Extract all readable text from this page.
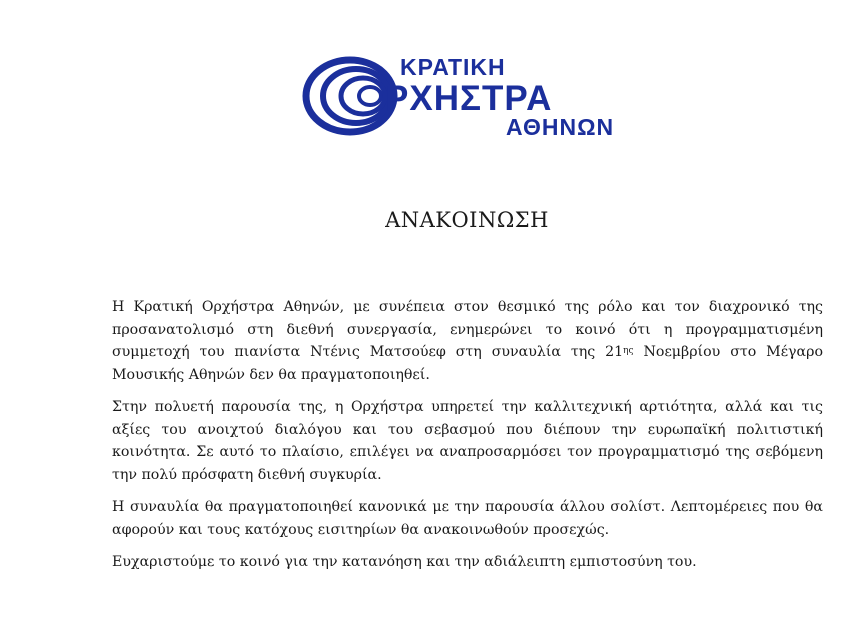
ΚΡΑΤΙΚΗ
ΡΧΗΣΤΡΑ
ΑΘΗΝΩΝ
ΑΝΑΚΟΙΝΩΣΗ

Η Κρατική Ορχήστρα Αθηνών, με συνέπεια στον θεσμικό της ρόλο και τον διαχρονικό της προσανατολισμό στη διεθνή συνεργασία, ενημερώνει το κοινό ότι η προγραμματισμένη συμμετοχή του πιανίστα Ντένις Ματσούεφ στη συναυλία της $21^{\eta\varsigma}$ Νοεμβρίου στο Μέγαρο Μουσικής Αθηνών δεν θα πραγματοποιηθεί.

Στην πολυετή παρουσία της, η Ορχήστρα υπηρετεί την καλλιτεχνική αρτιότητα, αλλά και τις αξίες του ανοιχτού διαλόγου και του σεβασμού που διέπουν την ευρωπαϊκή πολιτιστική κοινότητα. Σε αυτό το πλαίσιο, επιλέγει να αναπροσαρμόσει τον προγραμματισμό της σεβόμενη την πολύ πρόσφατη διεθνή συγκυρία.

Η συναυλία θα πραγματοποιηθεί κανονικά με την παρουσία άλλου σολίστ. Λεπτομέρειες που θα αφορούν και τους κατόχους εισιτηρίων θα ανακοινωθούν προσεχώς.

Ευχαριστούμε το κοινό για την κατανόηση και την αδιάλειπτη εμπιστοσύνη του.
